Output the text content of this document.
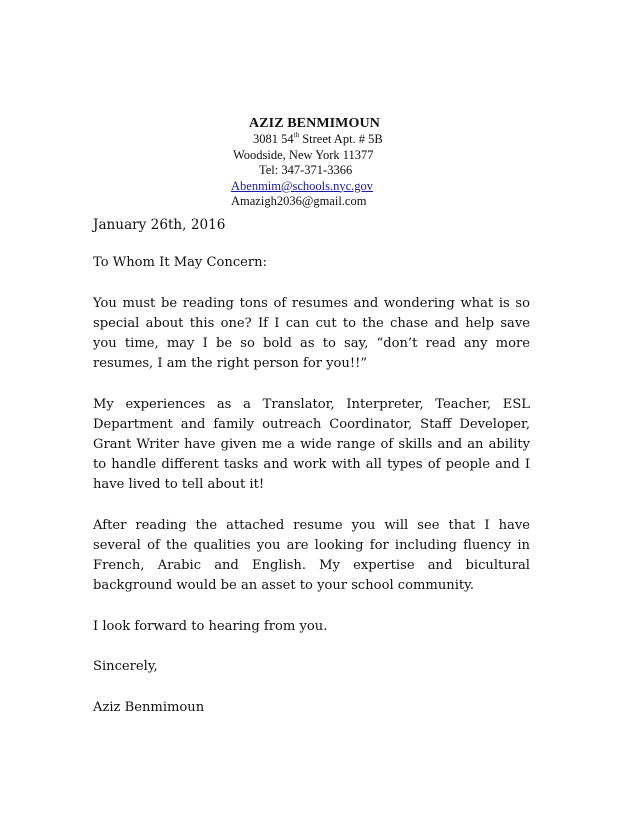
AZIZ BENMIMOUN
3081 54th Street Apt. # 5B
Woodside, New York 11377
Tel: 347-371-3366
Abenmim@schools.nyc.gov
Amazigh2036@gmail.com

January 26th, 2016

To Whom It May Concern:

You must be reading tons of resumes and wondering what is so special about this one? If I can cut to the chase and help save you time, may I be so bold as to say, “don’t read any more resumes, I am the right person for you!!”

My experiences as a Translator, Interpreter, Teacher, ESL Department and family outreach Coordinator, Staff Developer, Grant Writer have given me a wide range of skills and an ability to handle different tasks and work with all types of people and I have lived to tell about it!

After reading the attached resume you will see that I have several of the qualities you are looking for including fluency in French, Arabic and English. My expertise and bicultural background would be an asset to your school community.

I look forward to hearing from you.

Sincerely,

Aziz Benmimoun
